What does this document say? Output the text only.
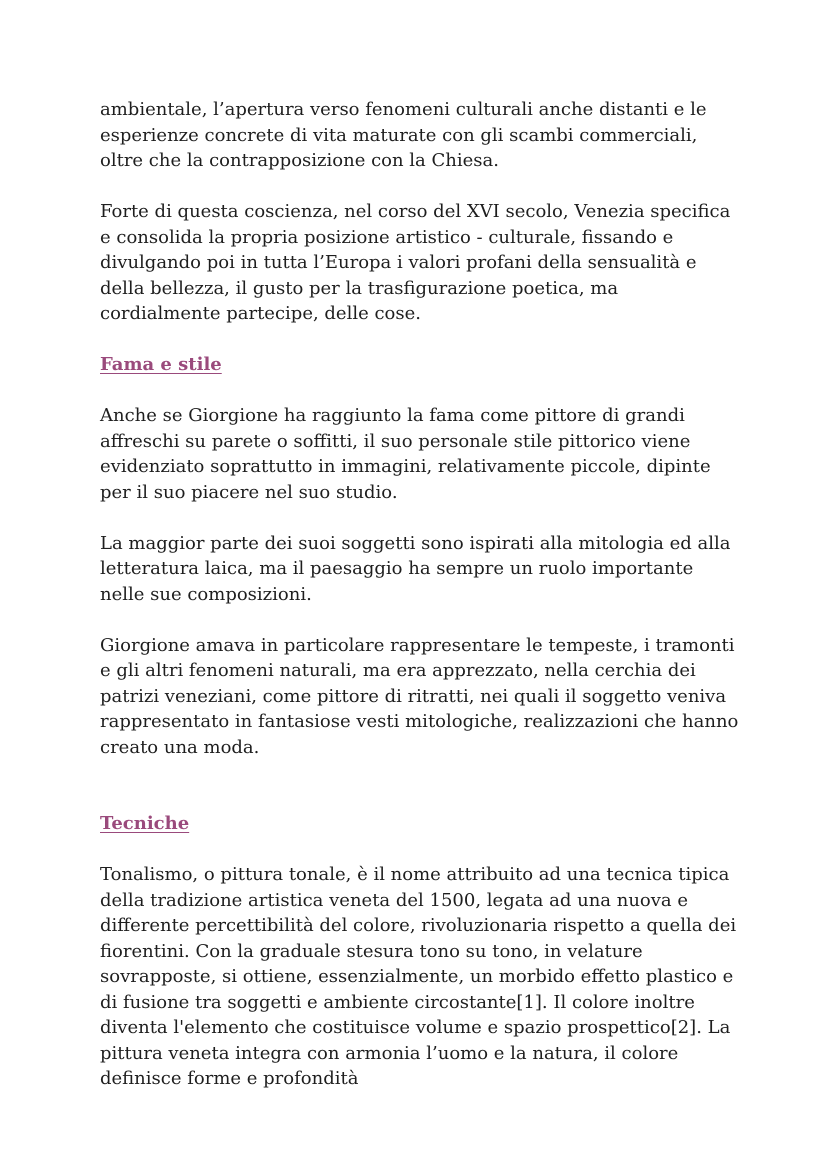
ambientale, l’apertura verso fenomeni culturali anche distanti e le esperienze concrete di vita maturate con gli scambi commerciali, oltre che la contrapposizione con la Chiesa.

Forte di questa coscienza, nel corso del XVI secolo, Venezia specifica e consolida la propria posizione artistico - culturale, fissando e divulgando poi in tutta l’Europa i valori profani della sensualità e della bellezza, il gusto per la trasfigurazione poetica, ma cordialmente partecipe, delle cose.

Fama e stile

Anche se Giorgione ha raggiunto la fama come pittore di grandi affreschi su parete o soffitti, il suo personale stile pittorico viene evidenziato soprattutto in immagini, relativamente piccole, dipinte per il suo piacere nel suo studio.

La maggior parte dei suoi soggetti sono ispirati alla mitologia ed alla letteratura laica, ma il paesaggio ha sempre un ruolo importante nelle sue composizioni.

Giorgione amava in particolare rappresentare le tempeste, i tramonti e gli altri fenomeni naturali, ma era apprezzato, nella cerchia dei patrizi veneziani, come pittore di ritratti, nei quali il soggetto veniva rappresentato in fantasiose vesti mitologiche, realizzazioni che hanno creato una moda.

Tecniche

Tonalismo, o pittura tonale, è il nome attribuito ad una tecnica tipica della tradizione artistica veneta del 1500, legata ad una nuova e differente percettibilità del colore, rivoluzionaria rispetto a quella dei fiorentini. Con la graduale stesura tono su tono, in velature sovrapposte, si ottiene, essenzialmente, un morbido effetto plastico e di fusione tra soggetti e ambiente circostante[1]. Il colore inoltre diventa l'elemento che costituisce volume e spazio prospettico[2]. La pittura veneta integra con armonia l’uomo e la natura, il colore definisce forme e profondità
